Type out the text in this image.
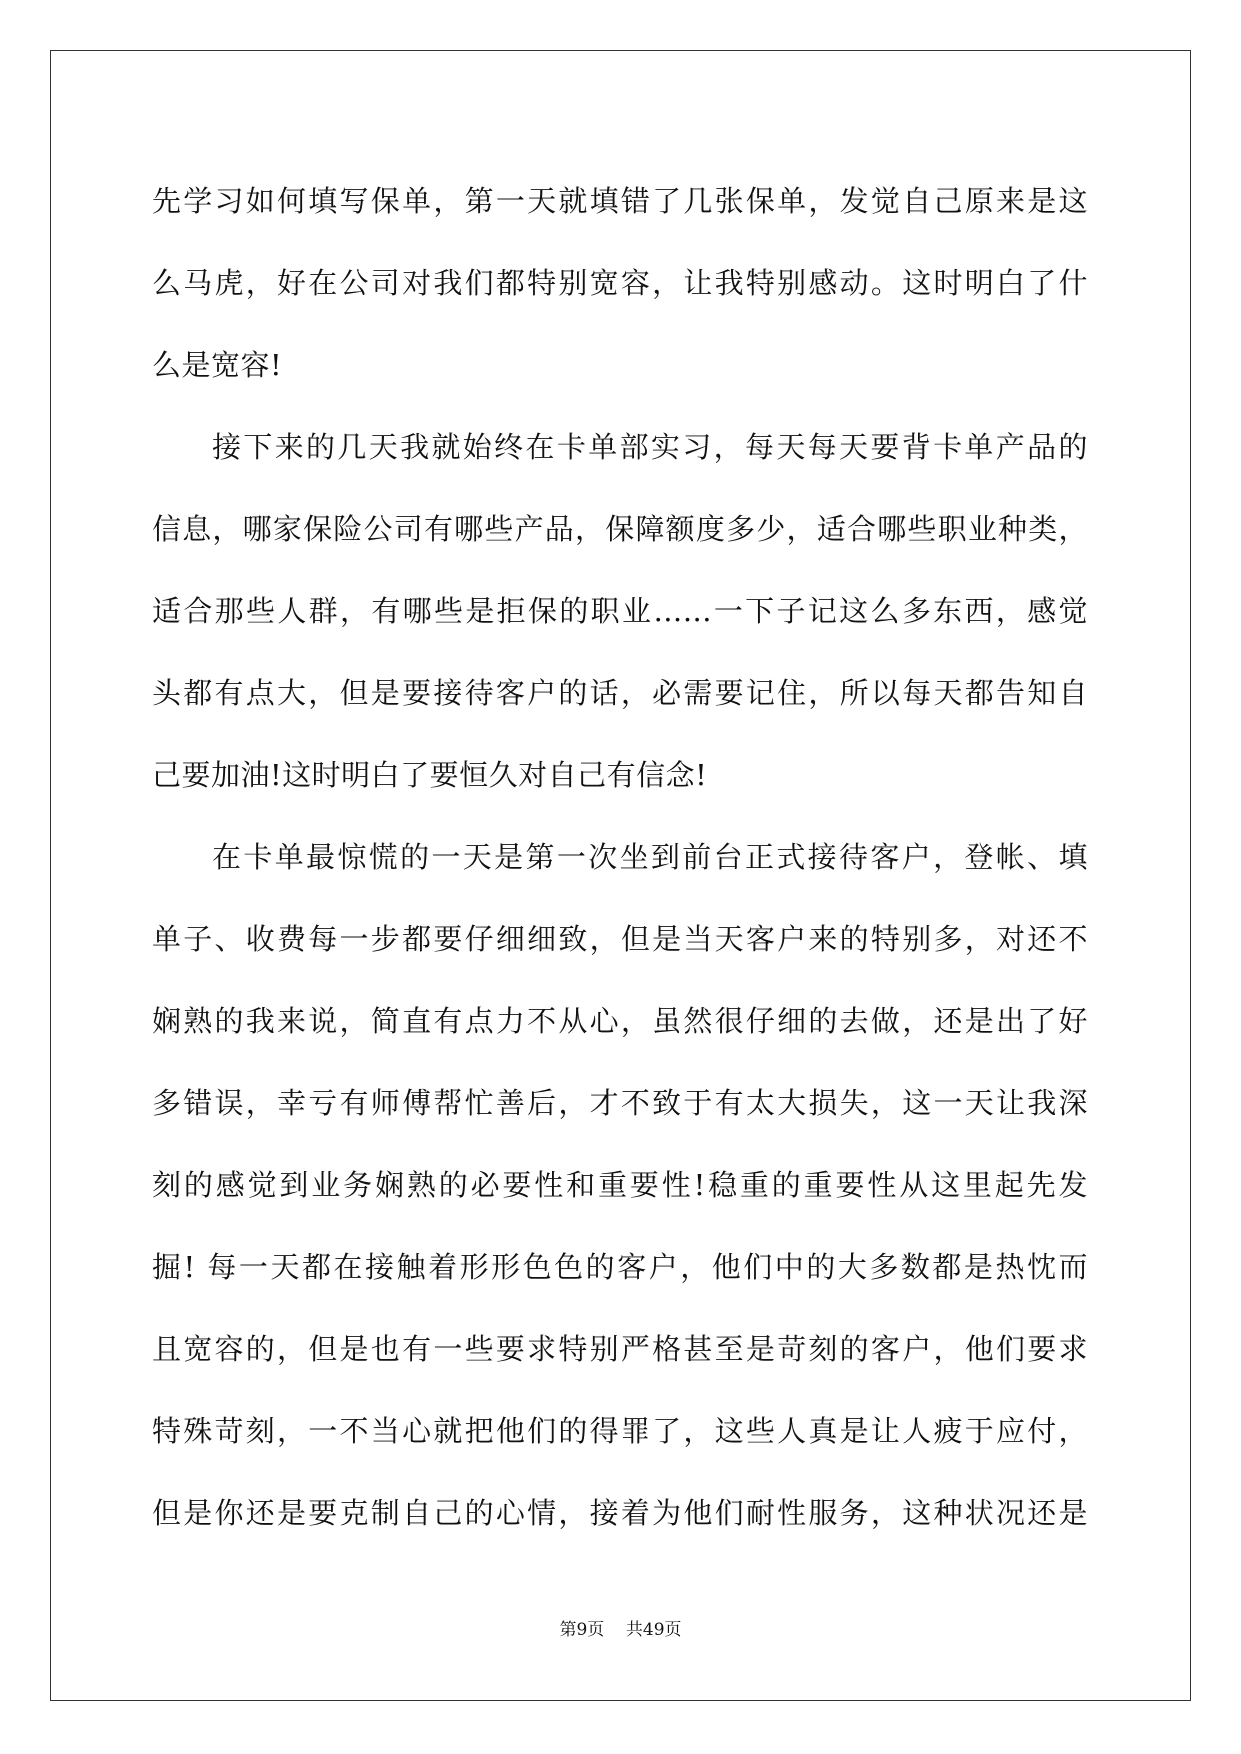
先学习如何填写保单，第一天就填错了几张保单，发觉自己原来是这
么马虎，好在公司对我们都特别宽容，让我特别感动。这时明白了什
么是宽容!
接下来的几天我就始终在卡单部实习，每天每天要背卡单产品的
信息，哪家保险公司有哪些产品，保障额度多少，适合哪些职业种类，
适合那些人群，有哪些是拒保的职业…...一下子记这么多东西，感觉
头都有点大，但是要接待客户的话，必需要记住，所以每天都告知自
己要加油!这时明白了要恒久对自己有信念!
在卡单最惊慌的一天是第一次坐到前台正式接待客户，登帐、填
单子、收费每一步都要仔细细致，但是当天客户来的特别多，对还不
娴熟的我来说，简直有点力不从心，虽然很仔细的去做，还是出了好
多错误，幸亏有师傅帮忙善后，才不致于有太大损失，这一天让我深
刻的感觉到业务娴熟的必要性和重要性!稳重的重要性从这里起先发
掘! 每一天都在接触着形形色色的客户，他们中的大多数都是热忱而
且宽容的，但是也有一些要求特别严格甚至是苛刻的客户，他们要求
特殊苛刻，一不当心就把他们的得罪了，这些人真是让人疲于应付，
但是你还是要克制自己的心情，接着为他们耐性服务，这种状况还是
第9页 共49页
